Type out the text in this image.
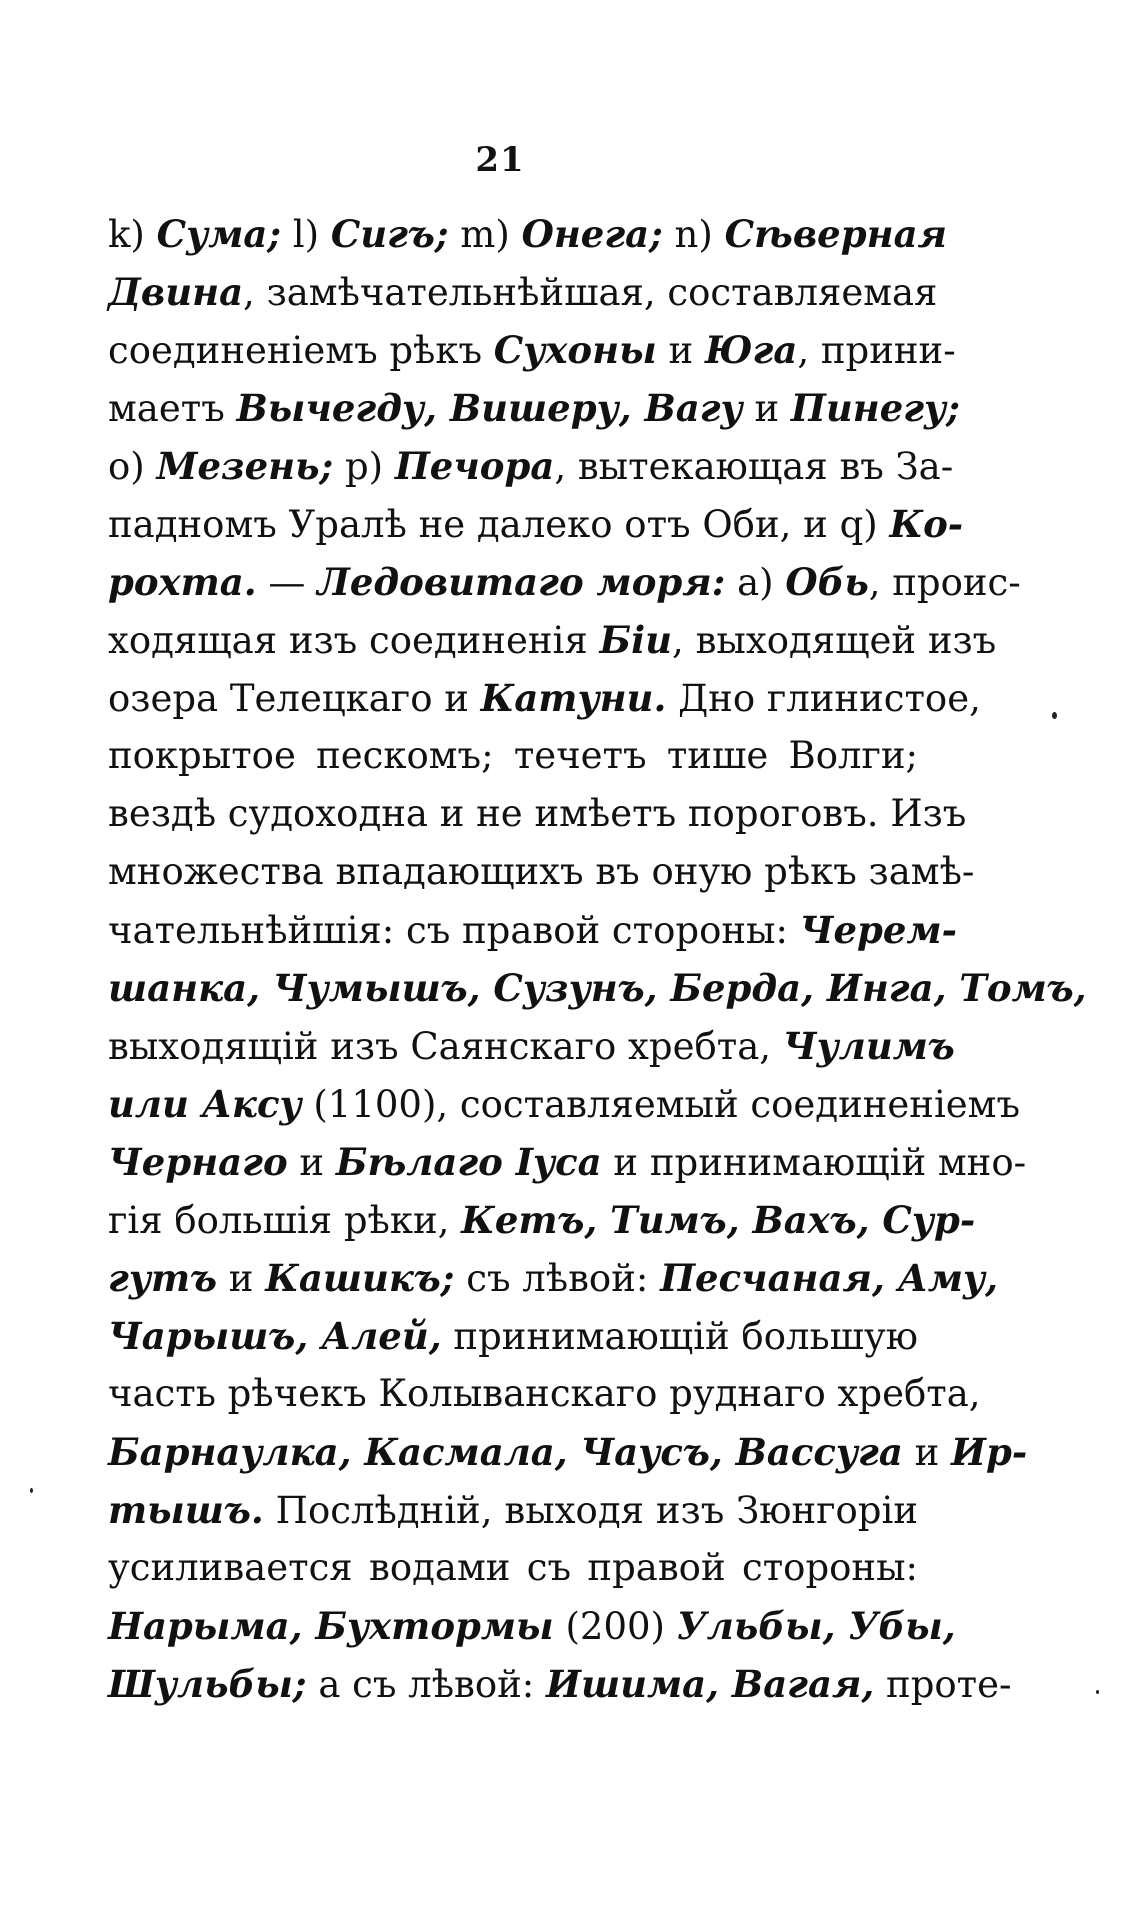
21
k) Сума; l) Сигъ; m) Онега; n) Сѣверная
Двина, замѣчательнѣйшая, составляемая
соединеніемъ рѣкъ Сухоны и Юга, прини-
маетъ Вычегду, Вишеру, Вагу и Пинегу;
o) Мезень; p) Печора, вытекающая въ За-
падномъ Уралѣ не далеко отъ Оби, и q) Ко-
рохта. — Ледовитаго моря: a) Обь, проис-
ходящая изъ соединенія Біи, выходящей изъ
озера Телецкаго и Катуни. Дно глинистое,
покрытое пескомъ; течетъ тише Волги;
вездѣ судоходна и не имѣетъ пороговъ. Изъ
множества впадающихъ въ оную рѣкъ замѣ-
чательнѣйшія: съ правой стороны: Черем-
шанка, Чумышъ, Сузунъ, Берда, Инга, Томъ,
выходящій изъ Саянскаго хребта, Чулимъ
или Аксу (1100), составляемый соединеніемъ
Чернаго и Бѣлаго Іуса и принимающій мно-
гія большія рѣки, Кетъ, Тимъ, Вахъ, Сур-
гутъ и Кашикъ; съ лѣвой: Песчаная, Аму,
Чарышъ, Алей, принимающій большую
часть рѣчекъ Колыванскаго руднаго хребта,
Барнаулка, Касмала, Чаусъ, Вассуга и Ир-
тышъ. Послѣдній, выходя изъ Зюнгоріи
усиливается водами съ правой стороны:
Нарыма, Бухтормы (200) Ульбы, Убы,
Шульбы; а съ лѣвой: Ишима, Вагая, проте-
